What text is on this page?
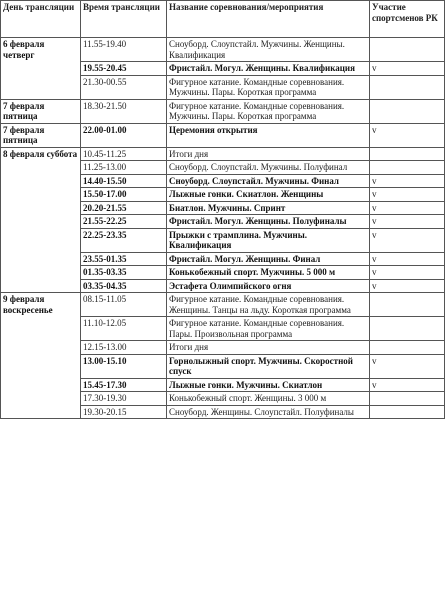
День трансляции	Время трансляции	Название соревнования/мероприятия	Участие спортсменов РК
6 февраля четверг	11.55-19.40	Сноуборд. Слоупстайл. Мужчины. Женщины. Квалификация	
	19.55-20.45	Фристайл. Могул. Женщины. Квалификация	v
	21.30-00.55	Фигурное катание. Командные соревнования. Мужчины. Пары. Короткая программа	
7 февраля пятница	18.30-21.50	Фигурное катание. Командные соревнования. Мужчины. Пары. Короткая программа	
7 февраля пятница	22.00-01.00	Церемония открытия	v
8 февраля суббота	10.45-11.25	Итоги дня	
	11.25-13.00	Сноуборд. Слоупстайл. Мужчины. Полуфинал	
	14.40-15.50	Сноуборд. Слоупстайл. Мужчины. Финал	v
	15.50-17.00	Лыжные гонки. Скиатлон. Женщины	v
	20.20-21.55	Биатлон. Мужчины. Спринт	v
	21.55-22.25	Фристайл. Могул. Женщины. Полуфиналы	v
	22.25-23.35	Прыжки с трамплина. Мужчины. Квалификация	v
	23.55-01.35	Фристайл. Могул. Женщины. Финал	v
	01.35-03.35	Конькобежный спорт. Мужчины. 5 000 м	v
	03.35-04.35	Эстафета Олимпийского огня	v
9 февраля воскресенье	08.15-11.05	Фигурное катание. Командные соревнования. Женщины. Танцы на льду. Короткая программа	
	11.10-12.05	Фигурное катание. Командные соревнования. Пары. Произвольная программа	
	12.15-13.00	Итоги дня	
	13.00-15.10	Горнолыжный спорт. Мужчины. Скоростной спуск	v
	15.45-17.30	Лыжные гонки. Мужчины. Скиатлон	v
	17.30-19.30	Конькобежный спорт. Женщины. 3 000 м	
	19.30-20.15	Сноуборд. Женщины. Слоупстайл. Полуфиналы	
